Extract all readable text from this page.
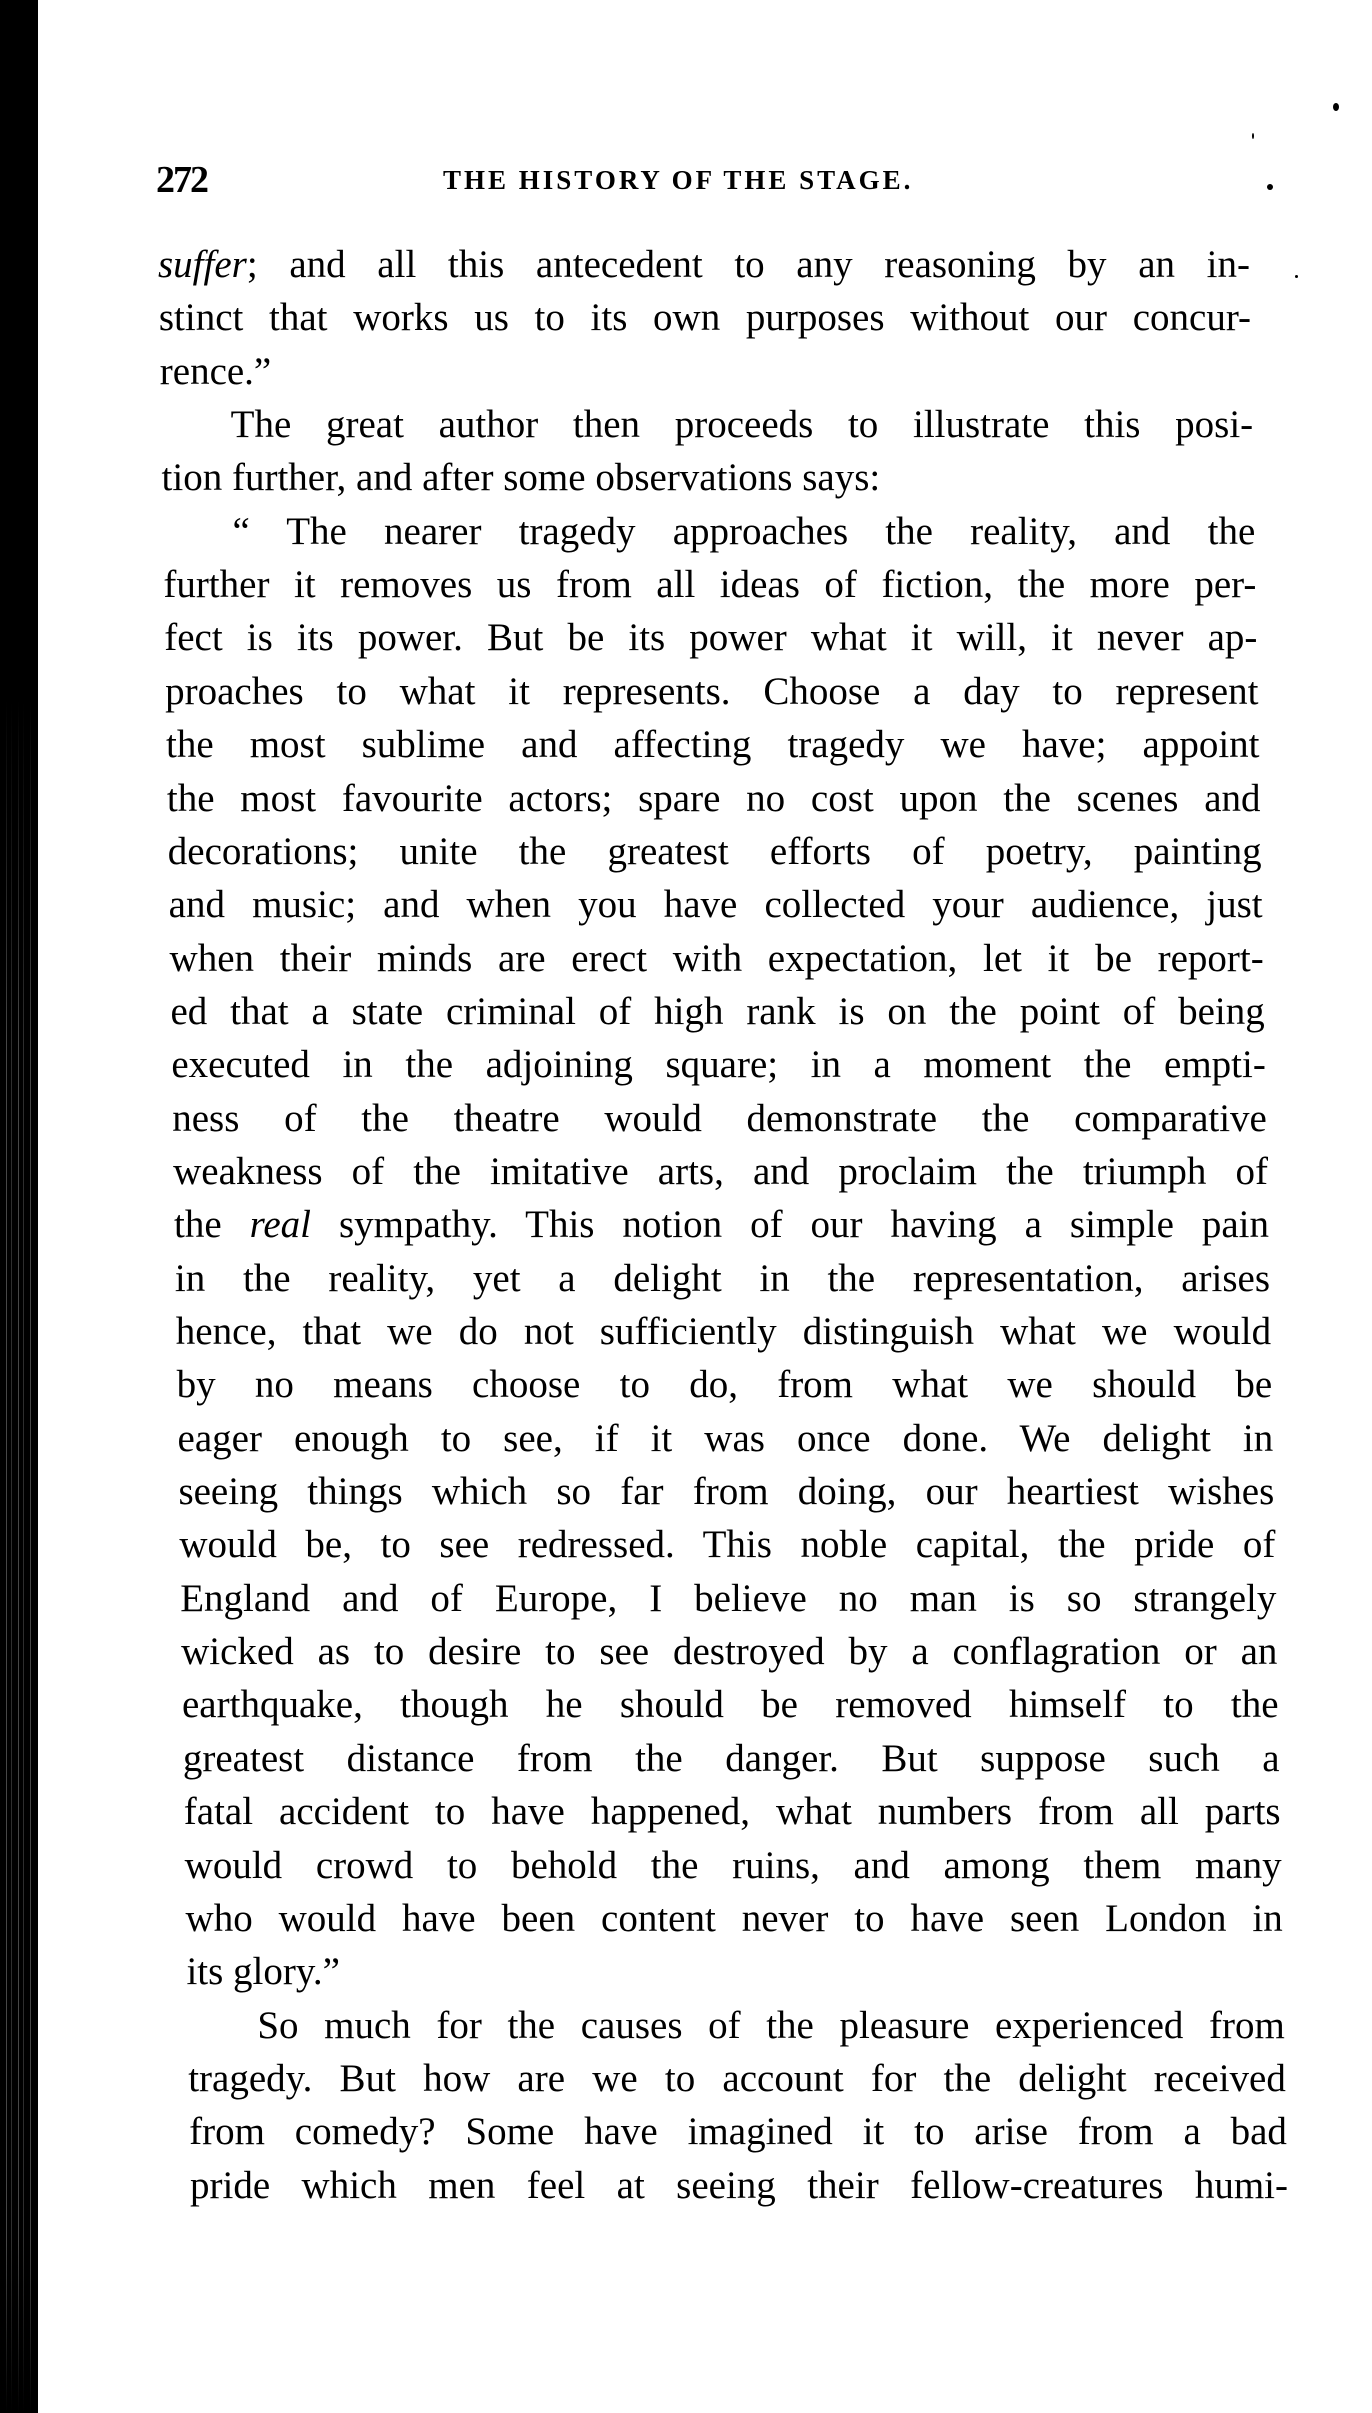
272	THE HISTORY OF THE STAGE.
suffer; and all this antecedent to any reasoning by an in-
stinct that works us to its own purposes without our concur-
rence.”
The great author then proceeds to illustrate this posi-
tion further, and after some observations says:
“ The nearer tragedy approaches the reality, and the
further it removes us from all ideas of fiction, the more per-
fect is its power. But be its power what it will, it never ap-
proaches to what it represents. Choose a day to represent
the most sublime and affecting tragedy we have; appoint
the most favourite actors; spare no cost upon the scenes and
decorations; unite the greatest efforts of poetry, painting
and music; and when you have collected your audience, just
when their minds are erect with expectation, let it be report-
ed that a state criminal of high rank is on the point of being
executed in the adjoining square; in a moment the empti-
ness of the theatre would demonstrate the comparative
weakness of the imitative arts, and proclaim the triumph of
the real sympathy. This notion of our having a simple pain
in the reality, yet a delight in the representation, arises
hence, that we do not sufficiently distinguish what we would
by no means choose to do, from what we should be
eager enough to see, if it was once done. We delight in
seeing things which so far from doing, our heartiest wishes
would be, to see redressed. This noble capital, the pride of
England and of Europe, I believe no man is so strangely
wicked as to desire to see destroyed by a conflagration or an
earthquake, though he should be removed himself to the
greatest distance from the danger. But suppose such a
fatal accident to have happened, what numbers from all parts
would crowd to behold the ruins, and among them many
who would have been content never to have seen London in
its glory.”
So much for the causes of the pleasure experienced from
tragedy. But how are we to account for the delight received
from comedy? Some have imagined it to arise from a bad
pride which men feel at seeing their fellow-creatures humi-
